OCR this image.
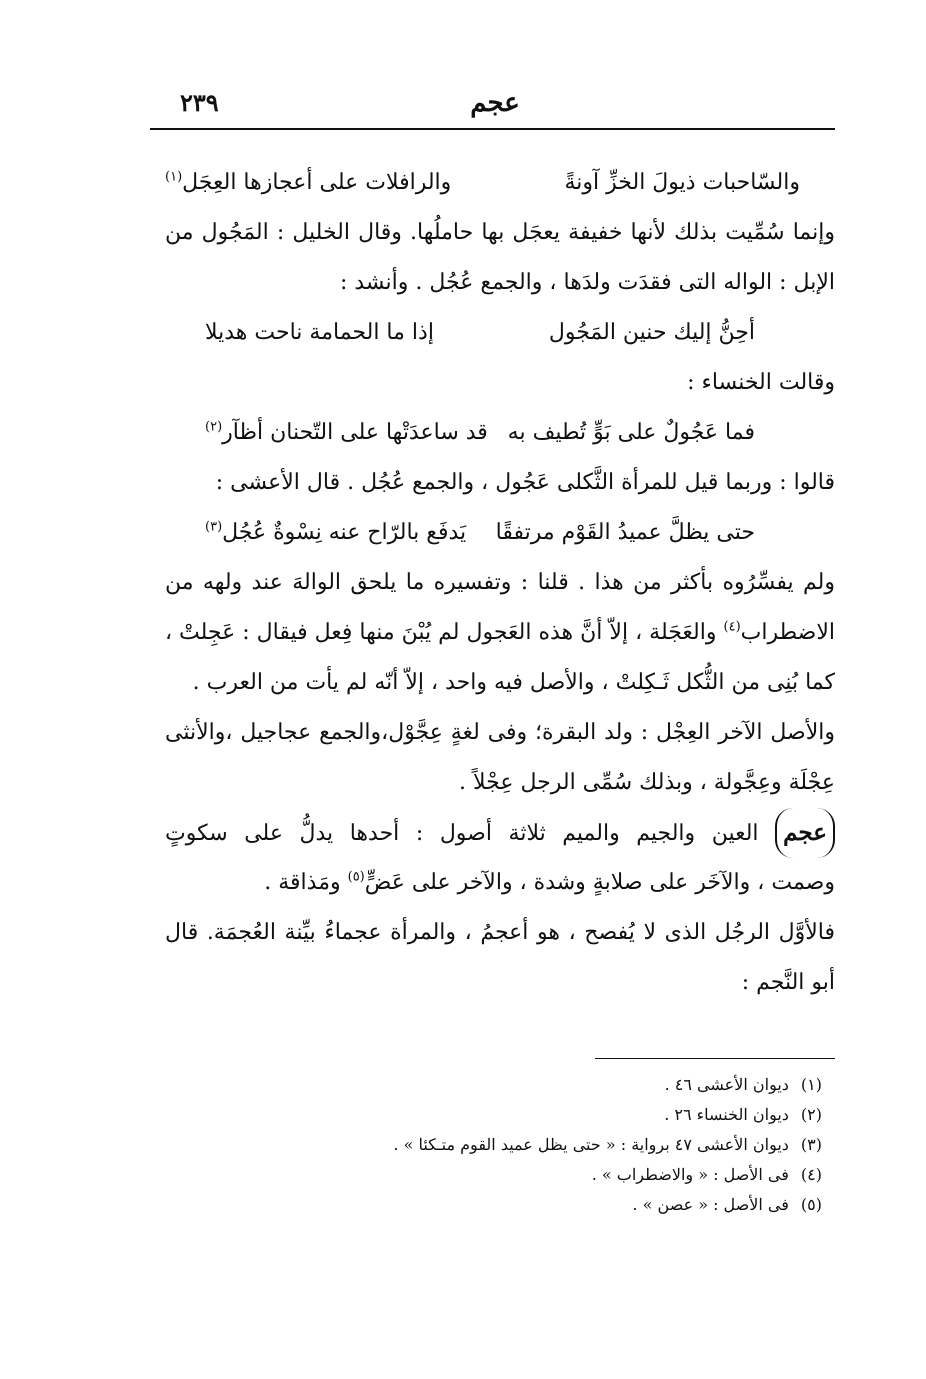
٢٣٩	عجم
والسّاحبات ذيولَ الخزِّ آونةً
والرافلات على أعجازها العِجَل$^{(١)}$
وإنما سُمِّيت بذلك لأنها خفيفة يعجَل بها حاملُها. وقال الخليل : المَجُول من
الإبل : الواله التى فقدَت ولدَها ، والجمع عُجُل . وأنشد :
أحِنُّ إليك حنين المَجُول
إذا ما الحمامة ناحت هديلا
وقالت الخنساء :
فما عَجُولٌ على بَوٍّ تُطيف به
قد ساعدَتْها على التّحنان أظآر$^{(٢)}$
قالوا : وربما قيل للمرأة الثَّكلى عَجُول ، والجمع عُجُل . قال الأعشى :
حتى يظلَّ عميدُ القَوْم مرتفقًا
يَدفَع بالرّاح عنه نِسْوةٌ عُجُل$^{(٣)}$
ولم يفسِّرُوه بأكثر من هذا . قلنا : وتفسيره ما يلحق الوالهَ عند ولهه من
الاضطراب$^{(٤)}$ والعَجَلة ، إلاّ أنَّ هذه العَجول لم يُبْنَ منها فِعل فيقال : عَجِلتْ ،
كما بُنِى من الثُّكل ثَـكِلتْ ، والأصل فيه واحد ، إلاّ أنّه لم يأت من العرب .
والأصل الآخر العِجْل : ولد البقرة؛ وفى لغةٍ عِجَّوْل،والجمع عجاجيل ،والأنثى
عِجْلَة وعِجَّولة ، وبذلك سُمِّى الرجل عِجْلاً .
عجم العين والجيم والميم ثلاثة أصول : أحدها يدلُّ على سكوتٍ
وصمت ، والآخَر على صلابةٍ وشدة ، والآخر على عَضٍّ$^{(٥)}$ ومَذاقة .
فالأوَّل الرجُل الذى لا يُفصح ، هو أعجمُ ، والمرأة عجماءُ بيِّنة العُجمَة. قال
أبو النَّجم :
(١)ديوان الأعشى ٤٦ .
(٢)ديوان الخنساء ٢٦ .
(٣)ديوان الأعشى ٤٧ برواية : « حتى يظل عميد القوم متـكئا » .
(٤)فى الأصل : « والاضطراب » .
(٥)فى الأصل : « عصن » .
